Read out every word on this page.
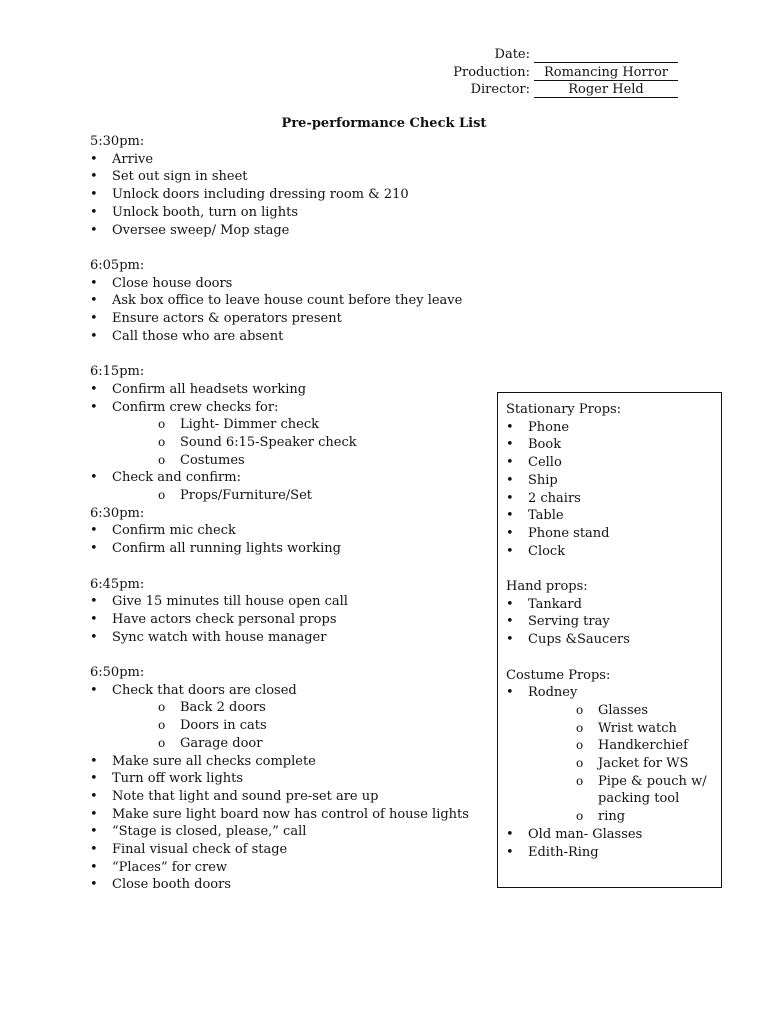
Date:
Production:	Romancing Horror
Director:	Roger Held
Pre-performance Check List
5:30pm:
• Arrive
• Set out sign in sheet
• Unlock doors including dressing room & 210
• Unlock booth, turn on lights
• Oversee sweep/ Mop stage
6:05pm:
• Close house doors
• Ask box office to leave house count before they leave
• Ensure actors & operators present
• Call those who are absent
6:15pm:
• Confirm all headsets working
• Confirm crew checks for:
o Light- Dimmer check
o Sound 6:15-Speaker check
o Costumes
• Check and confirm:
o Props/Furniture/Set
6:30pm:
• Confirm mic check
• Confirm all running lights working
6:45pm:
• Give 15 minutes till house open call
• Have actors check personal props
• Sync watch with house manager
6:50pm:
• Check that doors are closed
o Back 2 doors
o Doors in cats
o Garage door
• Make sure all checks complete
• Turn off work lights
• Note that light and sound pre-set are up
• Make sure light board now has control of house lights
• “Stage is closed, please,” call
• Final visual check of stage
• “Places” for crew
• Close booth doors
Stationary Props:
• Phone
• Book
• Cello
• Ship
• 2 chairs
• Table
• Phone stand
• Clock
Hand props:
• Tankard
• Serving tray
• Cups &Saucers
Costume Props:
• Rodney
o Glasses
o Wrist watch
o Handkerchief
o Jacket for WS
o Pipe & pouch w/ packing tool
o ring
• Old man- Glasses
• Edith-Ring
